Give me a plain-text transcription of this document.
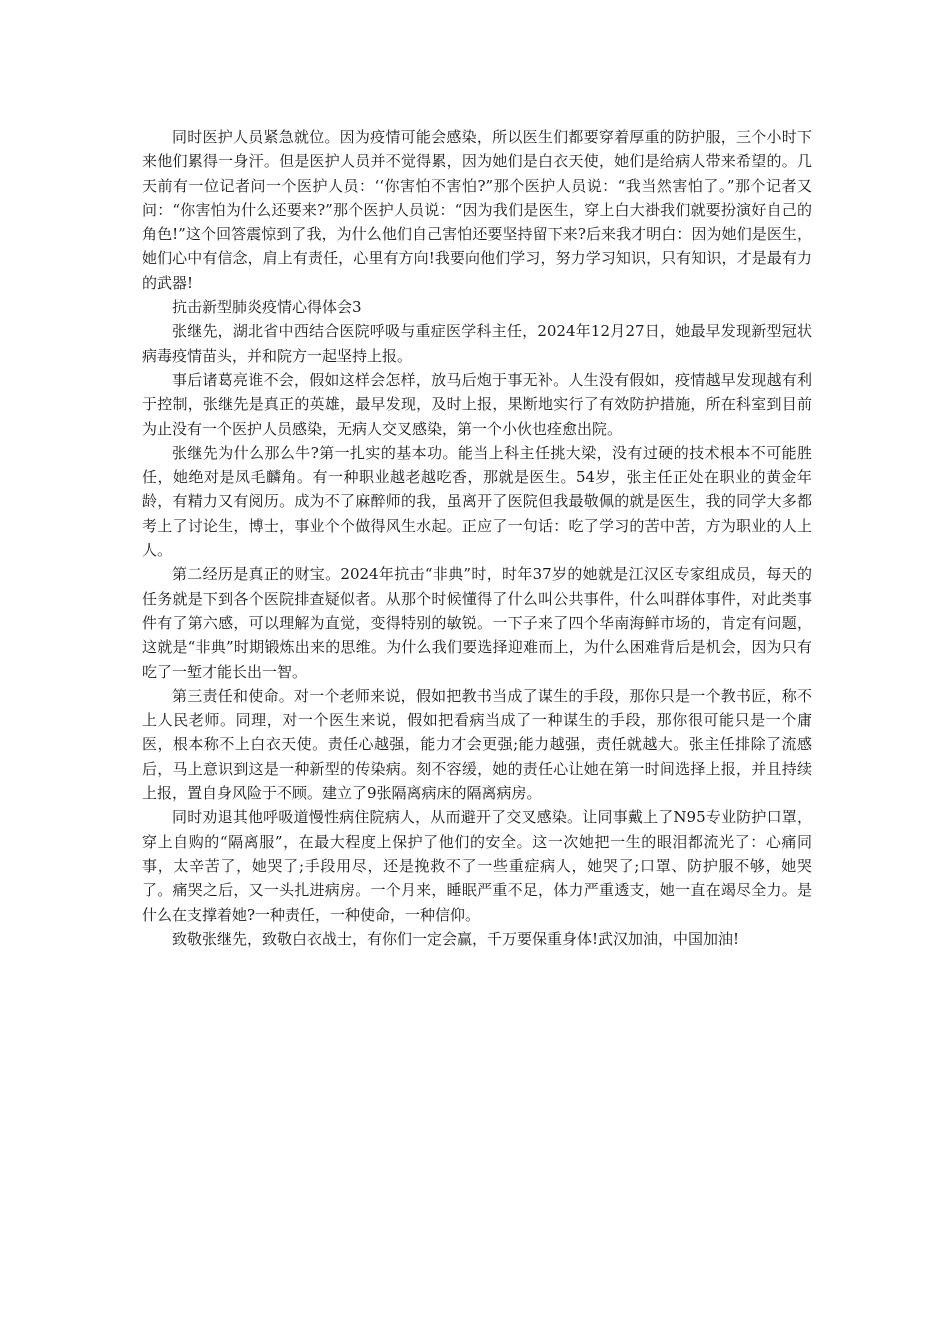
同时医护人员紧急就位。因为疫情可能会感染，所以医生们都要穿着厚重的防护服，三个小时下来他们累得一身汗。但是医护人员并不觉得累，因为她们是白衣天使，她们是给病人带来希望的。几天前有一位记者问一个医护人员：‘‘你害怕不害怕?”那个医护人员说：“我当然害怕了。”那个记者又问：“你害怕为什么还要来?”那个医护人员说：“因为我们是医生，穿上白大褂我们就要扮演好自己的角色!”这个回答震惊到了我，为什么他们自己害怕还要坚持留下来?后来我才明白：因为她们是医生，她们心中有信念，肩上有责任，心里有方向!我要向他们学习，努力学习知识，只有知识，才是最有力的武器!

抗击新型肺炎疫情心得体会3

张继先，湖北省中西结合医院呼吸与重症医学科主任，2024年12月27日，她最早发现新型冠状病毒疫情苗头，并和院方一起坚持上报。

事后诸葛亮谁不会，假如这样会怎样，放马后炮于事无补。人生没有假如，疫情越早发现越有利于控制，张继先是真正的英雄，最早发现，及时上报，果断地实行了有效防护措施，所在科室到目前为止没有一个医护人员感染，无病人交叉感染，第一个小伙也痊愈出院。

张继先为什么那么牛?第一扎实的基本功。能当上科主任挑大梁，没有过硬的技术根本不可能胜任，她绝对是凤毛麟角。有一种职业越老越吃香，那就是医生。54岁，张主任正处在职业的黄金年龄，有精力又有阅历。成为不了麻醉师的我，虽离开了医院但我最敬佩的就是医生，我的同学大多都考上了讨论生，博士，事业个个做得风生水起。正应了一句话：吃了学习的苦中苦，方为职业的人上人。

第二经历是真正的财宝。2024年抗击“非典”时，时年37岁的她就是江汉区专家组成员，每天的任务就是下到各个医院排查疑似者。从那个时候懂得了什么叫公共事件，什么叫群体事件，对此类事件有了第六感，可以理解为直觉，变得特别的敏锐。一下子来了四个华南海鲜市场的，肯定有问题，这就是“非典”时期锻炼出来的思维。为什么我们要选择迎难而上，为什么困难背后是机会，因为只有吃了一堑才能长出一智。

第三责任和使命。对一个老师来说，假如把教书当成了谋生的手段，那你只是一个教书匠，称不上人民老师。同理，对一个医生来说，假如把看病当成了一种谋生的手段，那你很可能只是一个庸医，根本称不上白衣天使。责任心越强，能力才会更强;能力越强，责任就越大。张主任排除了流感后，马上意识到这是一种新型的传染病。刻不容缓，她的责任心让她在第一时间选择上报，并且持续上报，置自身风险于不顾。建立了9张隔离病床的隔离病房。

同时劝退其他呼吸道慢性病住院病人，从而避开了交叉感染。让同事戴上了N95专业防护口罩，穿上自购的“隔离服”，在最大程度上保护了他们的安全。这一次她把一生的眼泪都流光了：心痛同事，太辛苦了，她哭了;手段用尽，还是挽救不了一些重症病人，她哭了;口罩、防护服不够，她哭了。痛哭之后，又一头扎进病房。一个月来，睡眠严重不足，体力严重透支，她一直在竭尽全力。是什么在支撑着她?一种责任，一种使命，一种信仰。

致敬张继先，致敬白衣战士，有你们一定会赢，千万要保重身体!武汉加油，中国加油!
